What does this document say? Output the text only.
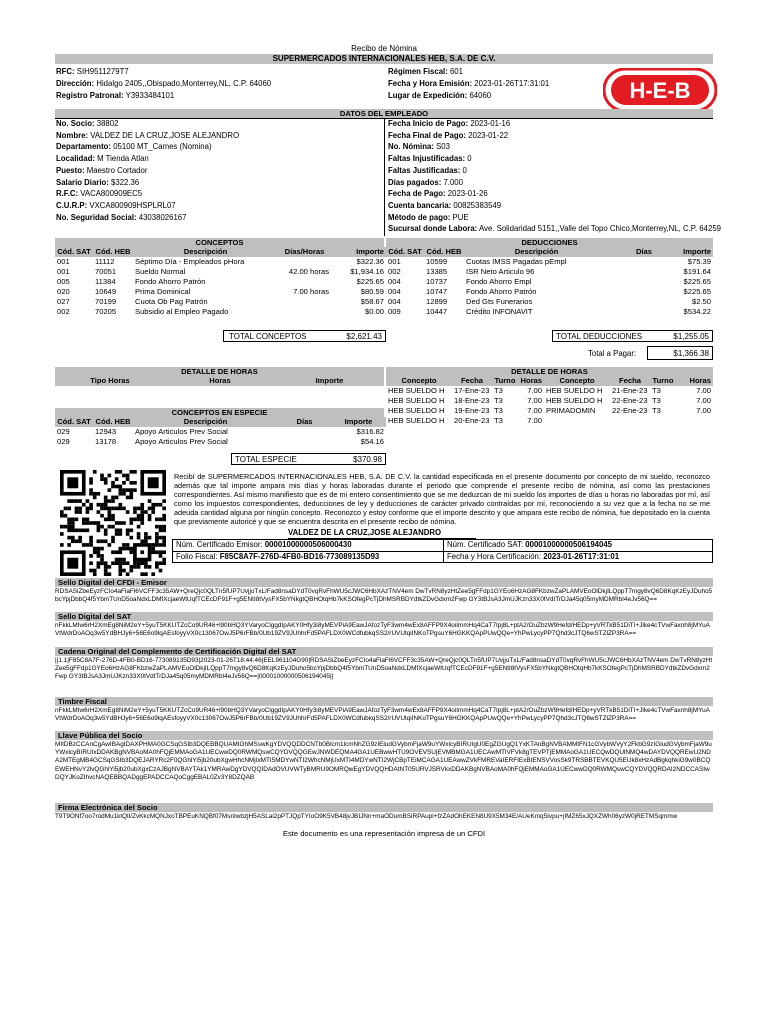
Recibo de Nómina
SUPERMERCADOS INTERNACIONALES HEB, S.A. DE C.V.
RFC: SIH9511279T7
Dirección: Hidalgo 2405,,Obispado,Monterrey,NL, C.P. 64060
Registro Patronal: Y3933484101
Régimen Fiscal: 601
Fecha y Hora Emisión: 2023-01-26T17:31:01
Lugar de Expedición: 64060	H-E-B
DATOS DEL EMPLEADO
No. Socio: 38802
Nombre: VALDEZ DE LA CRUZ,JOSE ALEJANDRO
Departamento: 05100 MT_Cames (Nomina)
Localidad: M Tienda Atlan
Puesto: Maestro Cortador
Salario Diario: $322.36
R.F.C: VACA800909EC5
C.U.R.P: VXCA800909HSPLRL07
No. Seguridad Social: 43038026167
Fecha Inicio de Pago: 2023-01-16
Fecha Final de Pago: 2023-01-22
No. Nómina: S03
Faltas Injustificadas: 0
Faltas Justificadas: 0
Días pagados: 7.000
Fecha de Pago: 2023-01-26
Cuenta bancaria: 00825383549
Método de pago: PUE
Sucursal donde Labora: Ave. Solidaridad 5151,,Valle del Topo Chico,Monterrey,NL, C.P. 64259
CONCEPTOS	DEDUCCIONES
Cód. SAT	Cód. HEB	Descripción	Días/Horas	Importe
001	11112	Séptimo Día - Empleados pHora		$322.36
001	70051	Sueldo Normal	42.00 horas	$1,934.16
005	11384	Fondo Ahorro Patrón		$225.65
020	10649	Prima Dominical	7.00 horas	$80.59
027	70199	Cuota Ob Pag Patrón		$58.67
002	70205	Subsidio al Empleo Pagado		$0.00
Cód. SAT	Cód. HEB	Descripción	Días	Importe
001	10599	Cuotas IMSS Pagadas pEmpl		$75.39
002	13385	ISR Neto Articulo 96		$191.64
004	10737	Fondo Ahorro Empl		$225.65
004	10747	Fondo Ahorro Patrón		$225.65
004	12899	Ded Gts Funerarios		$2.50
009	10447	Crédito INFONAVIT		$534.22
TOTAL CONCEPTOS	$2,621.43	TOTAL DEDUCCIONES	$1,255.05
Total a Pagar:	$1,366.38
DETALLE DE HORAS	DETALLE DE HORAS
Tipo Horas	Horas	Importe	Concepto	Fecha	Turno	Horas	Concepto	Fecha	Turno	Horas
HEB SUELDO H	17-Ene-23	T3	7.00	HEB SUELDO H	21-Ene-23	T3	7.00
HEB SUELDO H	18-Ene-23	T3	7.00	HEB SUELDO H	22-Ene-23	T3	7.00
HEB SUELDO H	19-Ene-23	T3	7.00	PRIMADOMIN	22-Ene-23	T3	7.00
HEB SUELDO H	20-Ene-23	T3	7.00				
CONCEPTOS EN ESPECIE
Cód. SAT	Cód. HEB	Descripción	Días	Importe
029	12943	Apoyo Articulos Prev Social		$316.82
029	13178	Apoyo Articulos Prev Social		$54.16
TOTAL ESPECIE	$370.98
Recibí de SUPERMERCADOS INTERNACIONALES HEB, S.A. DE C.V. la cantidad especificada en el presente documento por concepto de mi sueldo, reconozco además que tal importe ampara mis días y horas laboradas durante el periodo que comprende el presente recibo de nómina, así como las prestaciones correspondientes. Así mismo manifiesto que es de mi entero consentimiento que se me deduzcan de mi sueldo los importes de días u horas no laboradas por mí, así como los impuestos correspondientes, deducciones de ley y deducciones de carácter privado contraídas por mí, reconociendo a su vez que a la fecha no se me adeuda cantidad alguna por ningún concepto. Reconozco y estoy conforme que el importe descrito y que ampara este recibo de nómina, fue depositado en la cuenta que previamente autoricé y que se encuentra descrita en el presente recibo de nómina.
VALDEZ DE LA CRUZ,JOSE ALEJANDRO
Núm. Certificado Emisor: 00001000000506000430	Núm. Certificado SAT: 00001000000506194045
Folio Fiscal: F85C8A7F-276D-4FB0-BD16-773089135D93	Fecha y Hora Certificación: 2023-01-26T17:31:01
Sello Digital del CFDI - Emisor
RDSASiZbeEyzFCIo4aFlaFl6VCFF3c35AW+QreQjc0QLTn5fUP7UvjjoTxL/Fad8nsaDYdT0vqRvFhWU5cJWC6HbXAzTNV4em DwTvRN8yzHtZee5gFFdp1GYEo6HzAG8FKbzwZaPLAMVEoOlDkjILQppT7mgy8vQ6D8KqKzEyJDuho5bcYpjDbbQ4f5YbmTUnD5oaNdxLDMfXcjaeWtUqfTCEcDF91F+g5ENtI8tVysFX5bYNkgtQBHOtqHb7kKSOfegPcTjDhMSRBDYdtkZDvGdxm2Fwp GY3tBJsA3JmUJKzn33X0tVdtTrDJa45q05myMDMRbI4eJv56Q==
Sello Digital del SAT
nFkkLMIw6rH2XmEg8NiM2eY+5yuT5KKUTZcCo9UR46+l90bHQ3YVaryoClggdIpAKY0Hfy3i8yMEVPiA9EawJAfozTyF3wm4wEx8AFFP9X4oiImmHq4CaT7Ipj8L+ptA2/OuZbzW9Hefd/HEDp+yVRTkB51DiTI+Jlke4cTVwFaxnh8jMYuAVtWdrDoAOq3w5YdBHJy6+56E6o9lqAEsfoyyVX0c13067OwJ5P6rFBb/0Ub19ZV9JUhhrFd5PAFLDX0WCdfubkqSS2/rUVUtqiINKoTPgsuY6HGKKQApPUwQQe+YhPwLycyPP7Qhd3cJTQ6wSTZlZP3RA==
Cadena Original del Complemento de Certificación Digital del SAT
||1.1|F85C8A7F-276D-4FB0-BD16-773089135D93|2023-01-26T18:44:46|EEL961104G90|RDSASiZbeEyzFCIo4aFlaFl6VCFF3c35AW+QreQjc0QLTn5fUP7UvjjoTxL/Fad8nsaDYdT0vqRvFhWU5cJWC6HbXAzTNV4em DwTvRN8yzHtZee5gFFdp1GYEo6HzAG8FKbzwZaPLAMVEoOlDkjILQppT7mgy8vQ6D8KqKzEyJDuho5bcYpjDbbQ4f5YbmTUnD5oaNdxLDMfXcjaeWtUqfTCEcDF91F+g5ENtI8tVysFX5bYNkgtQBHOtqHb7kKSOfegPcTjDhMSRBDYdtkZDvGdxm2Fwp GY3tBJsA3JmUJKzn33X0tVdtTrDJa45q05myMDMRbI4eJv56Q==|00001000000506194045||
Timbre Fiscal
nFkkLMIw6rH2XmEg8NiM2eY+5yuT5KKUTZcCo9UR46+l90bHQ3YVaryoClggdIpAKY0Hfy3i8yMEVPiA9EawJAfozTyF3wm4wEx8AFFP9X4oiImmHq4CaT7Ipj8L+ptA2/OuZbzW9Hefd/HEDp+yVRTkB51DiTI+Jlke4cTVwFaxnh8jMYuAVtWdrDoAOq3w5YdBHJy6+56E6o9lqAEsfoyyVX0c13067OwJ5P6rFBb/0Ub19ZV9JUhhrFd5PAFLDX0WCdfubkqSS2/rUVUtqiINKoTPgsuY6HGKKQApPUwQQe+YhPwLycyPP7Qhd3cJTQ6wSTZlZP3RA==
Llave Pública del Socio
MIIDBzCCAnCgAwIBAgIDAXPHMA0GCSqGSIb3DQEBBQUAMIGhMSswKgYDVQQDDCNTb0Blcm1lcmNhZG9zIEludGVybmFjaW9uYWxlcyBIRUIgU0EgZGUgQ1YxKTAnBgNVBAMMIFN1cGVybWVyY2FkbG9zIGludGVybmFjaW9uYWxlcyBIRUIxDDAKBgNVBAoMA0hFQjEMMAoGA1UECwwDQ0RWMQswCQYDVQQGEwJNWDEQMA4GA1UEBwwHTU9OVEVSUjEVMBMGA1UECAwMTlVFVk8gTEVPTjEMMAoGA1UECQwDQUlNMQ4wDAYDVQQREwU2NDA2MTEgMB4GCSqGSIb3DQEJARYRc2F0QGhlYi5jb20ubXgwHhcNMjIxMTI5MDYwNTI2WhcNMjUxMTI4MDYwNTI2WjCBpTEiMCAGA1UEAwwZVkFMREVaIERFIExBIENSVVosSk9TRSBBTEVKQU5EUk8xHzAdBgkqhkiG9w0BCQEWEHNvY2lvQGhlYi5jb20ubXgxCzAJBgNVBAYTAk1YMRAwDgYDVQQIDAdOVUVWTyBMRU9OMRQwEgYDVQQHDAtNT05URVJSRVkxDDAKBgNVBAoMA0hFQjEMMAoGA1UECwwDQ0RWMQswCQYDVQQRDAI2NDCCASIwDQYJKoZIhvcNAQEBBQADggEPADCCAQoCggEBAL0Zv3Y8DZQAB
Firma Electrónica del Socio
T9T9ONf7oo7rodMu1ktQlI/ZvKkcMQNJxoTBPEuKNQBf07MsnIwbzjH5ASLai2pPTJQpTYIoO9K5VB48jvJBIJNn+maODumBSiRPAupi+fzZAdOhEKEN8U9X5M34E/AUeKmq5Ivpu+jIMZ65xJQXZWh06yzW0jRETMSqmmw
Este documento es una representación impresa de un CFDI
